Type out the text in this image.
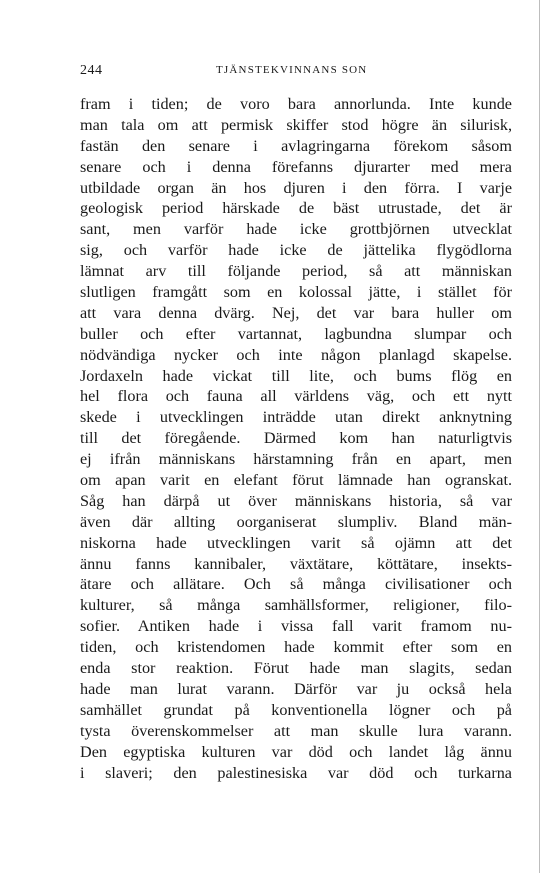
244	TJÄNSTEKVINNANS SON
fram i tiden; de voro bara annorlunda. Inte kunde
man tala om att permisk skiffer stod högre än silurisk,
fastän den senare i avlagringarna förekom såsom
senare och i denna förefanns djurarter med mera
utbildade organ än hos djuren i den förra. I varje
geologisk period härskade de bäst utrustade, det är
sant, men varför hade icke grottbjörnen utvecklat
sig, och varför hade icke de jättelika flygödlorna
lämnat arv till följande period, så att människan
slutligen framgått som en kolossal jätte, i stället för
att vara denna dvärg. Nej, det var bara huller om
buller och efter vartannat, lagbundna slumpar och
nödvändiga nycker och inte någon planlagd skapelse.
Jordaxeln hade vickat till lite, och bums flög en
hel flora och fauna all världens väg, och ett nytt
skede i utvecklingen inträdde utan direkt anknytning
till det föregående. Därmed kom han naturligtvis
ej ifrån människans härstamning från en apart, men
om apan varit en elefant förut lämnade han ogranskat.
Såg han därpå ut över människans historia, så var
även där allting oorganiserat slumpliv. Bland män-
niskorna hade utvecklingen varit så ojämn att det
ännu fanns kannibaler, växtätare, köttätare, insekts-
ätare och allätare. Och så många civilisationer och
kulturer, så många samhällsformer, religioner, filo-
sofier. Antiken hade i vissa fall varit framom nu-
tiden, och kristendomen hade kommit efter som en
enda stor reaktion. Förut hade man slagits, sedan
hade man lurat varann. Därför var ju också hela
samhället grundat på konventionella lögner och på
tysta överenskommelser att man skulle lura varann.
Den egyptiska kulturen var död och landet låg ännu
i slaveri; den palestinesiska var död och turkarna
